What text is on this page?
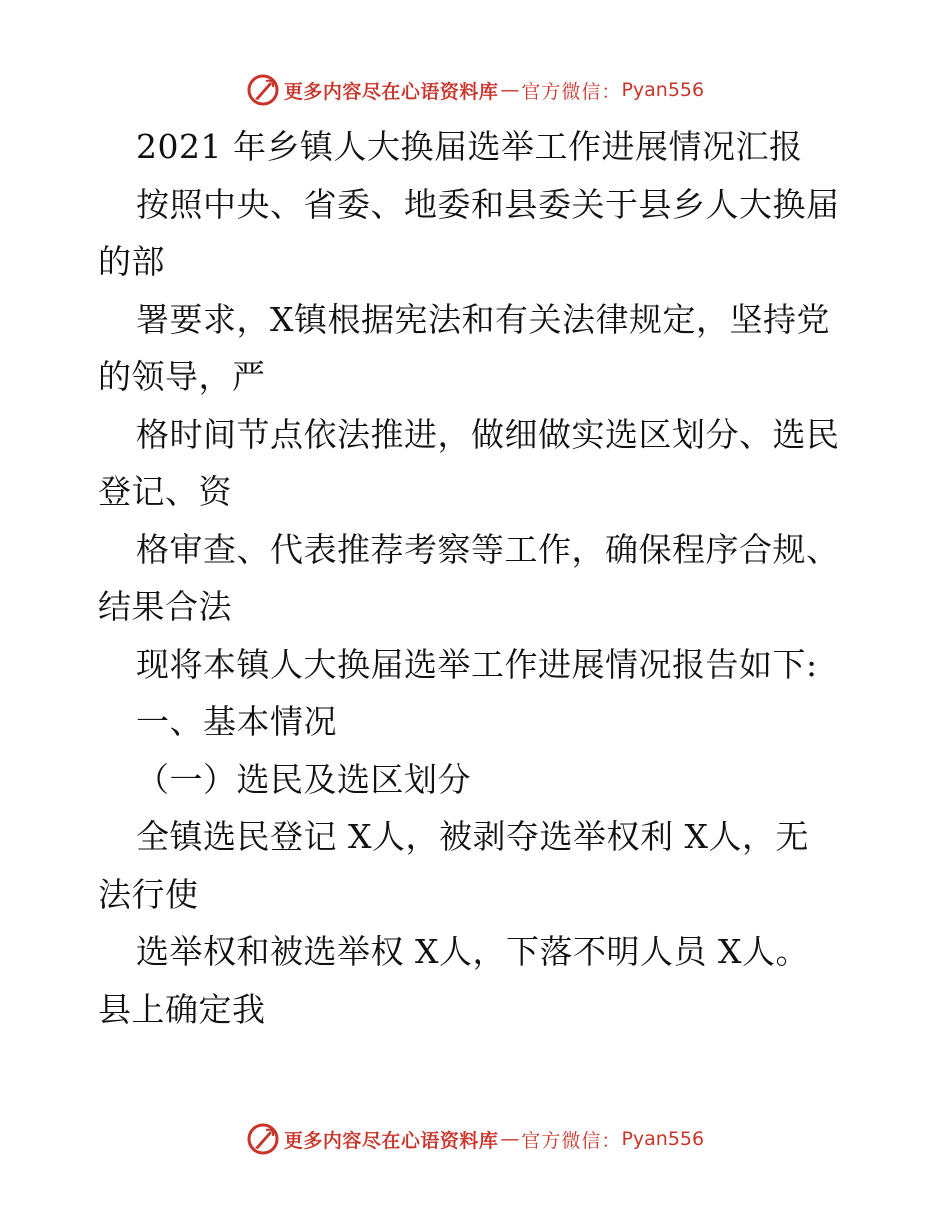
更多内容尽在心语资料库 — 官方微信： Pyan556
2021 年乡镇人大换届选举工作进展情况汇报
按照中央、省委、地委和县委关于县乡人大换届
的部
署要求，X镇根据宪法和有关法律规定，坚持党
的领导，严
格时间节点依法推进，做细做实选区划分、选民
登记、资
格审查、代表推荐考察等工作，确保程序合规、
结果合法
现将本镇人大换届选举工作进展情况报告如下:
一、基本情况
（一）选民及选区划分
全镇选民登记 X人，被剥夺选举权利 X人，无
法行使
选举权和被选举权 X人，下落不明人员 X人。
县上确定我
更多内容尽在心语资料库 — 官方微信： Pyan556
